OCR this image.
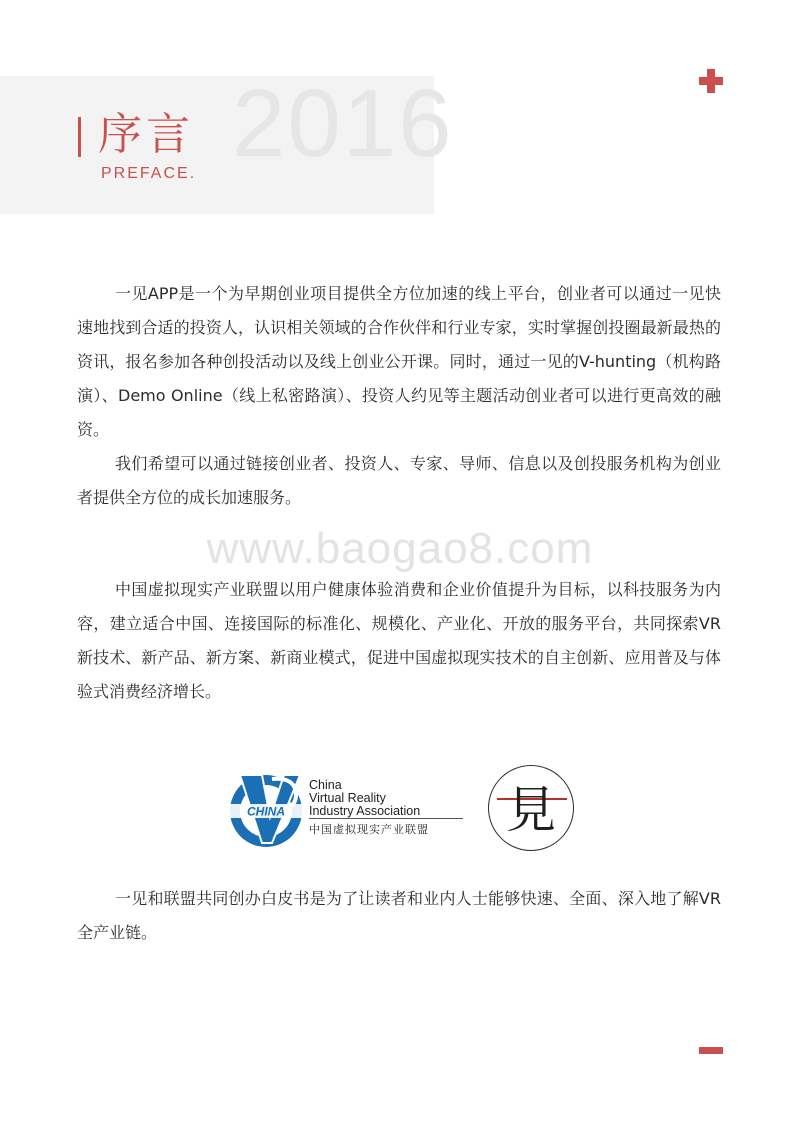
2016
序言
PREFACE.

一见APP是一个为早期创业项目提供全方位加速的线上平台，创业者可以通过一见快速地找到合适的投资人，认识相关领域的合作伙伴和行业专家，实时掌握创投圈最新最热的资讯，报名参加各种创投活动以及线上创业公开课。同时，通过一见的V-hunting（机构路演）、Demo Online（线上私密路演）、投资人约见等主题活动创业者可以进行更高效的融资。

我们希望可以通过链接创业者、投资人、专家、导师、信息以及创投服务机构为创业者提供全方位的成长加速服务。

www.baogao8.com

中国虚拟现实产业联盟以用户健康体验消费和企业价值提升为目标，以科技服务为内容，建立适合中国、连接国际的标准化、规模化、产业化、开放的服务平台，共同探索VR新技术、新产品、新方案、新商业模式，促进中国虚拟现实技术的自主创新、应用普及与体验式消费经济增长。

CHINA
China
Virtual Reality
Industry Association
中国虚拟现实产业联盟	見

一见和联盟共同创办白皮书是为了让读者和业内人士能够快速、全面、深入地了解VR全产业链。
